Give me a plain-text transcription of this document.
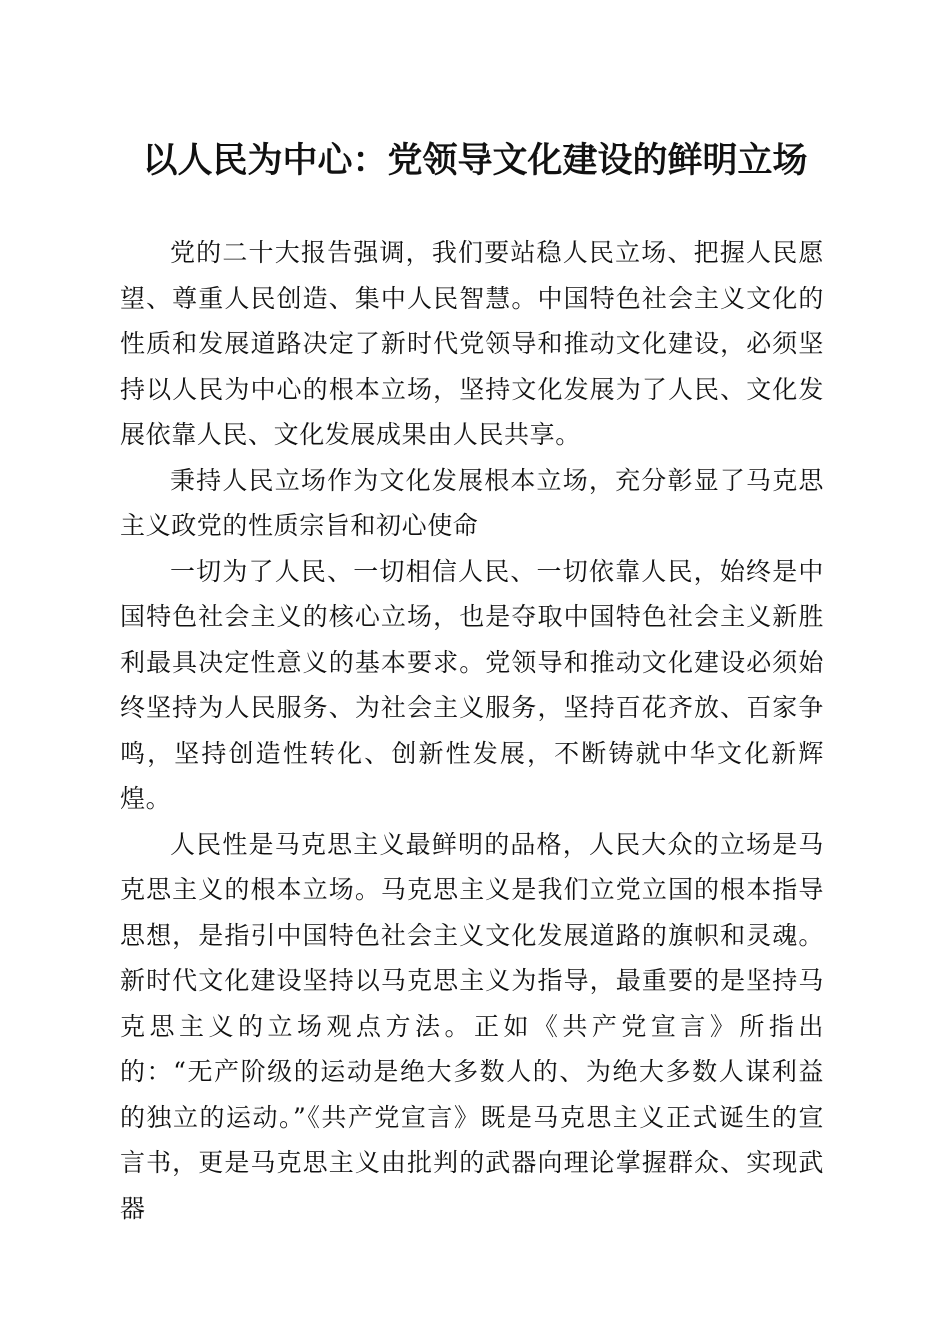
以人民为中心：党领导文化建设的鲜明立场

党的二十大报告强调，我们要站稳人民立场、把握人民愿望、尊重人民创造、集中人民智慧。中国特色社会主义文化的性质和发展道路决定了新时代党领导和推动文化建设，必须坚持以人民为中心的根本立场，坚持文化发展为了人民、文化发展依靠人民、文化发展成果由人民共享。

秉持人民立场作为文化发展根本立场，充分彰显了马克思主义政党的性质宗旨和初心使命

一切为了人民、一切相信人民、一切依靠人民，始终是中国特色社会主义的核心立场，也是夺取中国特色社会主义新胜利最具决定性意义的基本要求。党领导和推动文化建设必须始终坚持为人民服务、为社会主义服务，坚持百花齐放、百家争鸣，坚持创造性转化、创新性发展，不断铸就中华文化新辉煌。

人民性是马克思主义最鲜明的品格，人民大众的立场是马克思主义的根本立场。马克思主义是我们立党立国的根本指导思想，是指引中国特色社会主义文化发展道路的旗帜和灵魂。新时代文化建设坚持以马克思主义为指导，最重要的是坚持马克思主义的立场观点方法。正如《共产党宣言》所指出的：“无产阶级的运动是绝大多数人的、为绝大多数人谋利益的独立的运动。”《共产党宣言》既是马克思主义正式诞生的宣言书，更是马克思主义由批判的武器向理论掌握群众、实现武器
